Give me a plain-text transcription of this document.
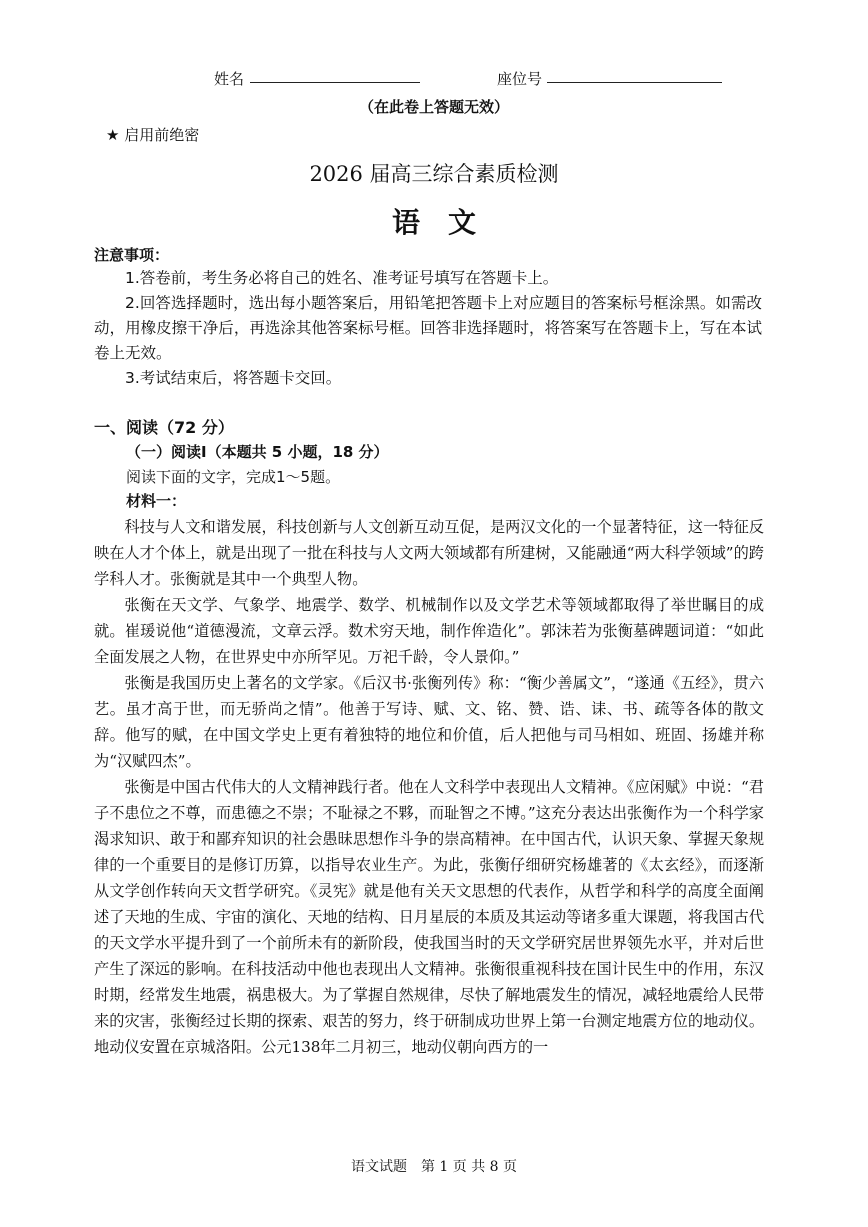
姓名	座位号
（在此卷上答题无效）
★ 启用前绝密
2026 届高三综合素质检测
语文
注意事项：

1.答卷前，考生务必将自己的姓名、准考证号填写在答题卡上。

2.回答选择题时，选出每小题答案后，用铅笔把答题卡上对应题目的答案标号框涂黑。如需改动，用橡皮擦干净后，再选涂其他答案标号框。回答非选择题时，将答案写在答题卡上，写在本试卷上无效。

3.考试结束后，将答题卡交回。

一、阅读（72 分）
（一）阅读Ⅰ（本题共 5 小题，18 分）
阅读下面的文字，完成1～5题。
材料一：

科技与人文和谐发展，科技创新与人文创新互动互促，是两汉文化的一个显著特征，这一特征反映在人才个体上，就是出现了一批在科技与人文两大领域都有所建树，又能融通“两大科学领域”的跨学科人才。张衡就是其中一个典型人物。

张衡在天文学、气象学、地震学、数学、机械制作以及文学艺术等领域都取得了举世瞩目的成就。崔瑗说他“道德漫流，文章云浮。数术穷天地，制作侔造化”。郭沫若为张衡墓碑题词道：“如此全面发展之人物，在世界史中亦所罕见。万祀千龄，令人景仰。”

张衡是我国历史上著名的文学家。《后汉书·张衡列传》称：“衡少善属文”，“遂通《五经》，贯六艺。虽才高于世，而无骄尚之情”。他善于写诗、赋、文、铭、赞、诰、诔、书、疏等各体的散文辞。他写的赋，在中国文学史上更有着独特的地位和价值，后人把他与司马相如、班固、扬雄并称为“汉赋四杰”。

张衡是中国古代伟大的人文精神践行者。他在人文科学中表现出人文精神。《应闲赋》中说：“君子不患位之不尊，而患德之不崇；不耻禄之不夥，而耻智之不博。”这充分表达出张衡作为一个科学家渴求知识、敢于和鄙弃知识的社会愚昧思想作斗争的崇高精神。在中国古代，认识天象、掌握天象规律的一个重要目的是修订历算，以指导农业生产。为此，张衡仔细研究杨雄著的《太玄经》，而逐渐从文学创作转向天文哲学研究。《灵宪》就是他有关天文思想的代表作，从哲学和科学的高度全面阐述了天地的生成、宇宙的演化、天地的结构、日月星辰的本质及其运动等诸多重大课题，将我国古代的天文学水平提升到了一个前所未有的新阶段，使我国当时的天文学研究居世界领先水平，并对后世产生了深远的影响。在科技活动中他也表现出人文精神。张衡很重视科技在国计民生中的作用，东汉时期，经常发生地震，祸患极大。为了掌握自然规律，尽快了解地震发生的情况，减轻地震给人民带来的灾害，张衡经过长期的探索、艰苦的努力，终于研制成功世界上第一台测定地震方位的地动仪。地动仪安置在京城洛阳。公元138年二月初三，地动仪朝向西方的一

语文试题　第 1 页 共 8 页
